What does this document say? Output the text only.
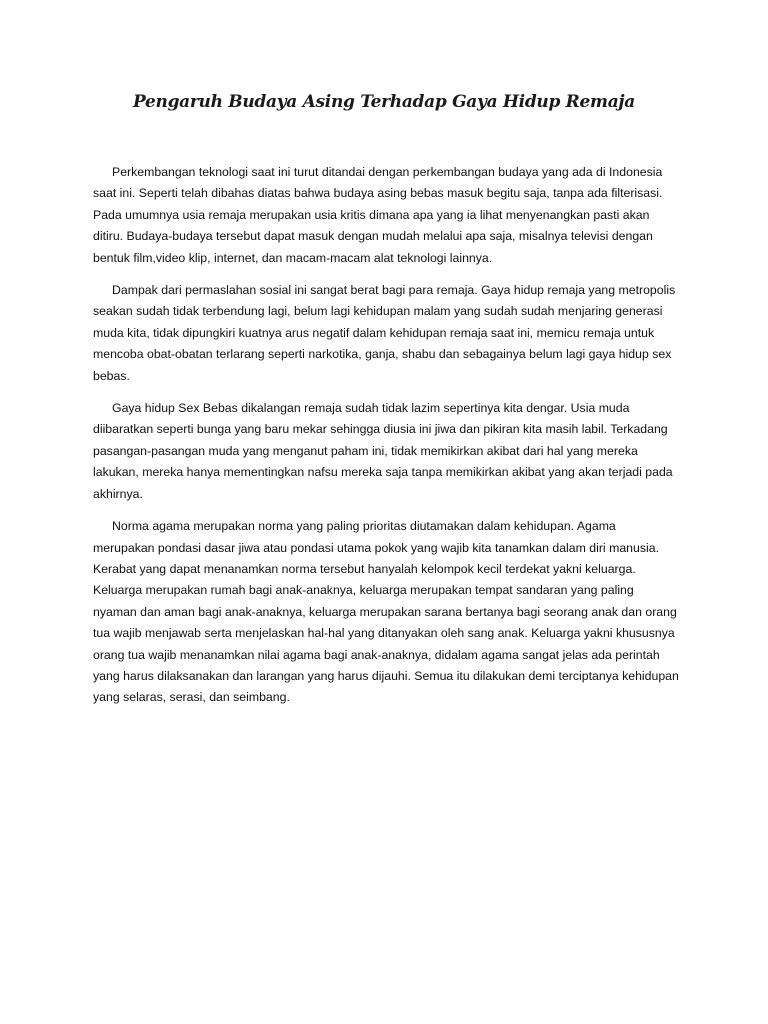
Pengaruh Budaya Asing Terhadap Gaya Hidup Remaja

Perkembangan teknologi saat ini turut ditandai dengan perkembangan budaya yang ada di Indonesia saat ini. Seperti telah dibahas diatas bahwa budaya asing bebas masuk begitu saja, tanpa ada filterisasi. Pada umumnya usia remaja merupakan usia kritis dimana apa yang ia lihat menyenangkan pasti akan ditiru. Budaya-budaya tersebut dapat masuk dengan mudah melalui apa saja, misalnya televisi dengan bentuk film,video klip, internet, dan macam-macam alat teknologi lainnya.

Dampak dari permaslahan sosial ini sangat berat bagi para remaja. Gaya hidup remaja yang metropolis seakan sudah tidak terbendung lagi, belum lagi kehidupan malam yang sudah sudah menjaring generasi muda kita, tidak dipungkiri kuatnya arus negatif dalam kehidupan remaja saat ini, memicu remaja untuk mencoba obat-obatan terlarang seperti narkotika, ganja, shabu dan sebagainya belum lagi gaya hidup sex bebas.

Gaya hidup Sex Bebas dikalangan remaja sudah tidak lazim sepertinya kita dengar. Usia muda diibaratkan seperti bunga yang baru mekar sehingga diusia ini jiwa dan pikiran kita masih labil. Terkadang pasangan-pasangan muda yang menganut paham ini, tidak memikirkan akibat dari hal yang mereka lakukan, mereka hanya mementingkan nafsu mereka saja tanpa memikirkan akibat yang akan terjadi pada akhirnya.

Norma agama merupakan norma yang paling prioritas diutamakan dalam kehidupan. Agama merupakan pondasi dasar jiwa atau pondasi utama pokok yang wajib kita tanamkan dalam diri manusia. Kerabat yang dapat menanamkan norma tersebut hanyalah kelompok kecil terdekat yakni keluarga. Keluarga merupakan rumah bagi anak-anaknya, keluarga merupakan tempat sandaran yang paling nyaman dan aman bagi anak-anaknya, keluarga merupakan sarana bertanya bagi seorang anak dan orang tua wajib menjawab serta menjelaskan hal-hal yang ditanyakan oleh sang anak. Keluarga yakni khususnya orang tua wajib menanamkan nilai agama bagi anak-anaknya, didalam agama sangat jelas ada perintah yang harus dilaksanakan dan larangan yang harus dijauhi. Semua itu dilakukan demi terciptanya kehidupan yang selaras, serasi, dan seimbang.
